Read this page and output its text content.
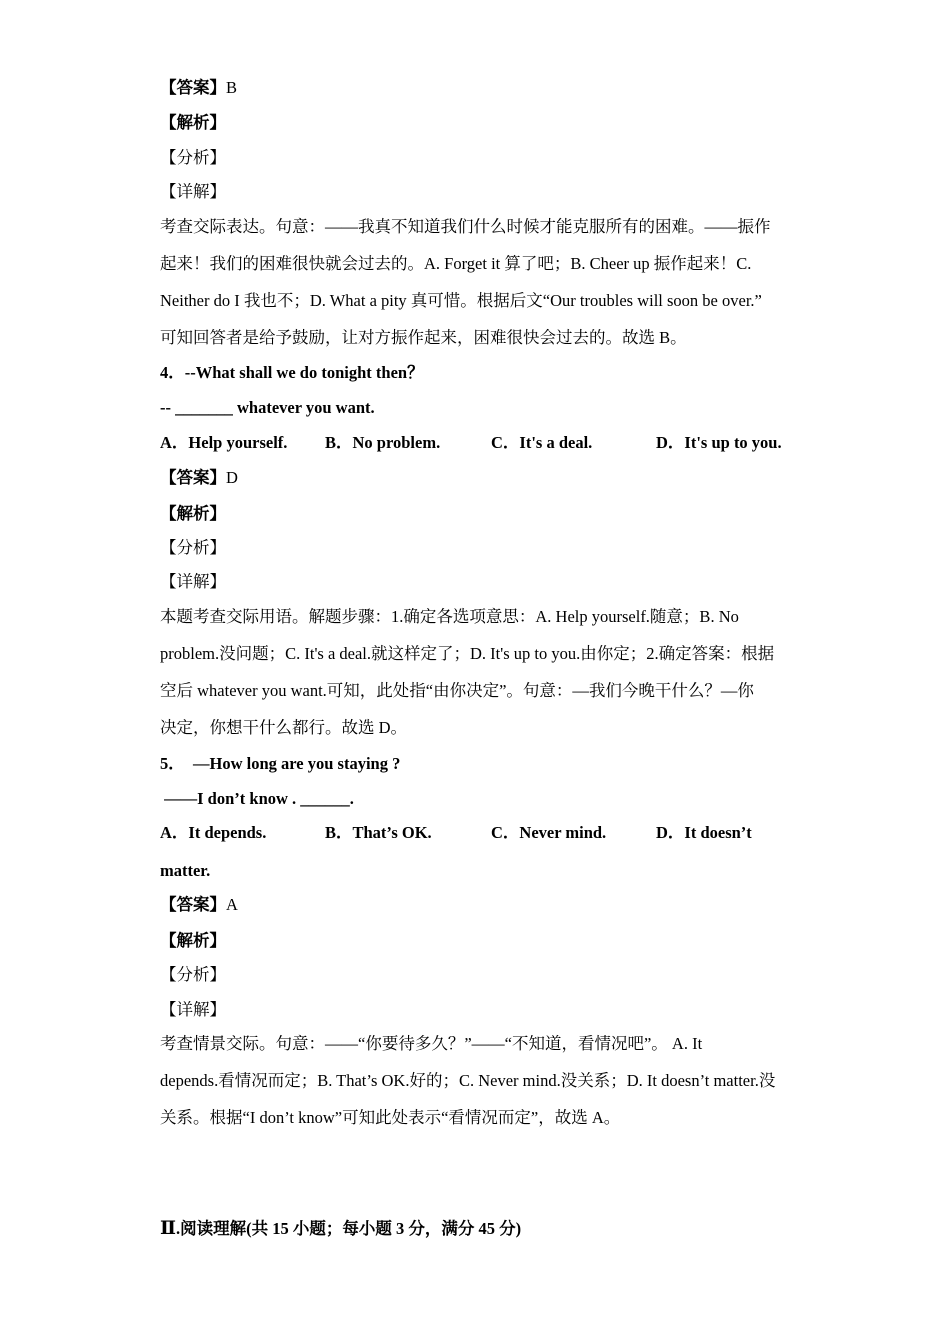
【答案】B
【解析】
【分析】
【详解】
考查交际表达。句意：——我真不知道我们什么时候才能克服所有的困难。——振作
起来！我们的困难很快就会过去的。A. Forget it 算了吧；B. Cheer up 振作起来！C.
Neither do I 我也不；D. What a pity 真可惜。根据后文“Our troubles will soon be over.”
可知回答者是给予鼓励，让对方振作起来，困难很快会过去的。故选 B。
4．--What shall we do tonight then？
-- _______ whatever you want.
A．Help yourself. B．No problem.	C．It's a deal.	D．It's up to you.
【答案】D
【解析】
【分析】
【详解】
本题考查交际用语。解题步骤：1.确定各选项意思：A. Help yourself.随意；B. No
problem.没问题；C. It's a deal.就这样定了；D. It's up to you.由你定；2.确定答案：根据
空后 whatever you want.可知，此处指“由你决定”。句意：—我们今晚干什么？—你
决定，你想干什么都行。故选 D。
5．  —How long are you staying ?
——I don’t know . ______.
A．It depends.	B．That’s OK.	C．Never mind.	D．It doesn’t
matter.
【答案】A
【解析】
【分析】
【详解】
考查情景交际。句意：——“你要待多久？”——“不知道，看情况吧”。 A. It
depends.看情况而定；B. That’s OK.好的；C. Never mind.没关系；D. It doesn’t matter.没
关系。根据“I don’t know”可知此处表示“看情况而定”，故选 A。
Ⅱ.阅读理解(共 15 小题；每小题 3 分，满分 45 分)
